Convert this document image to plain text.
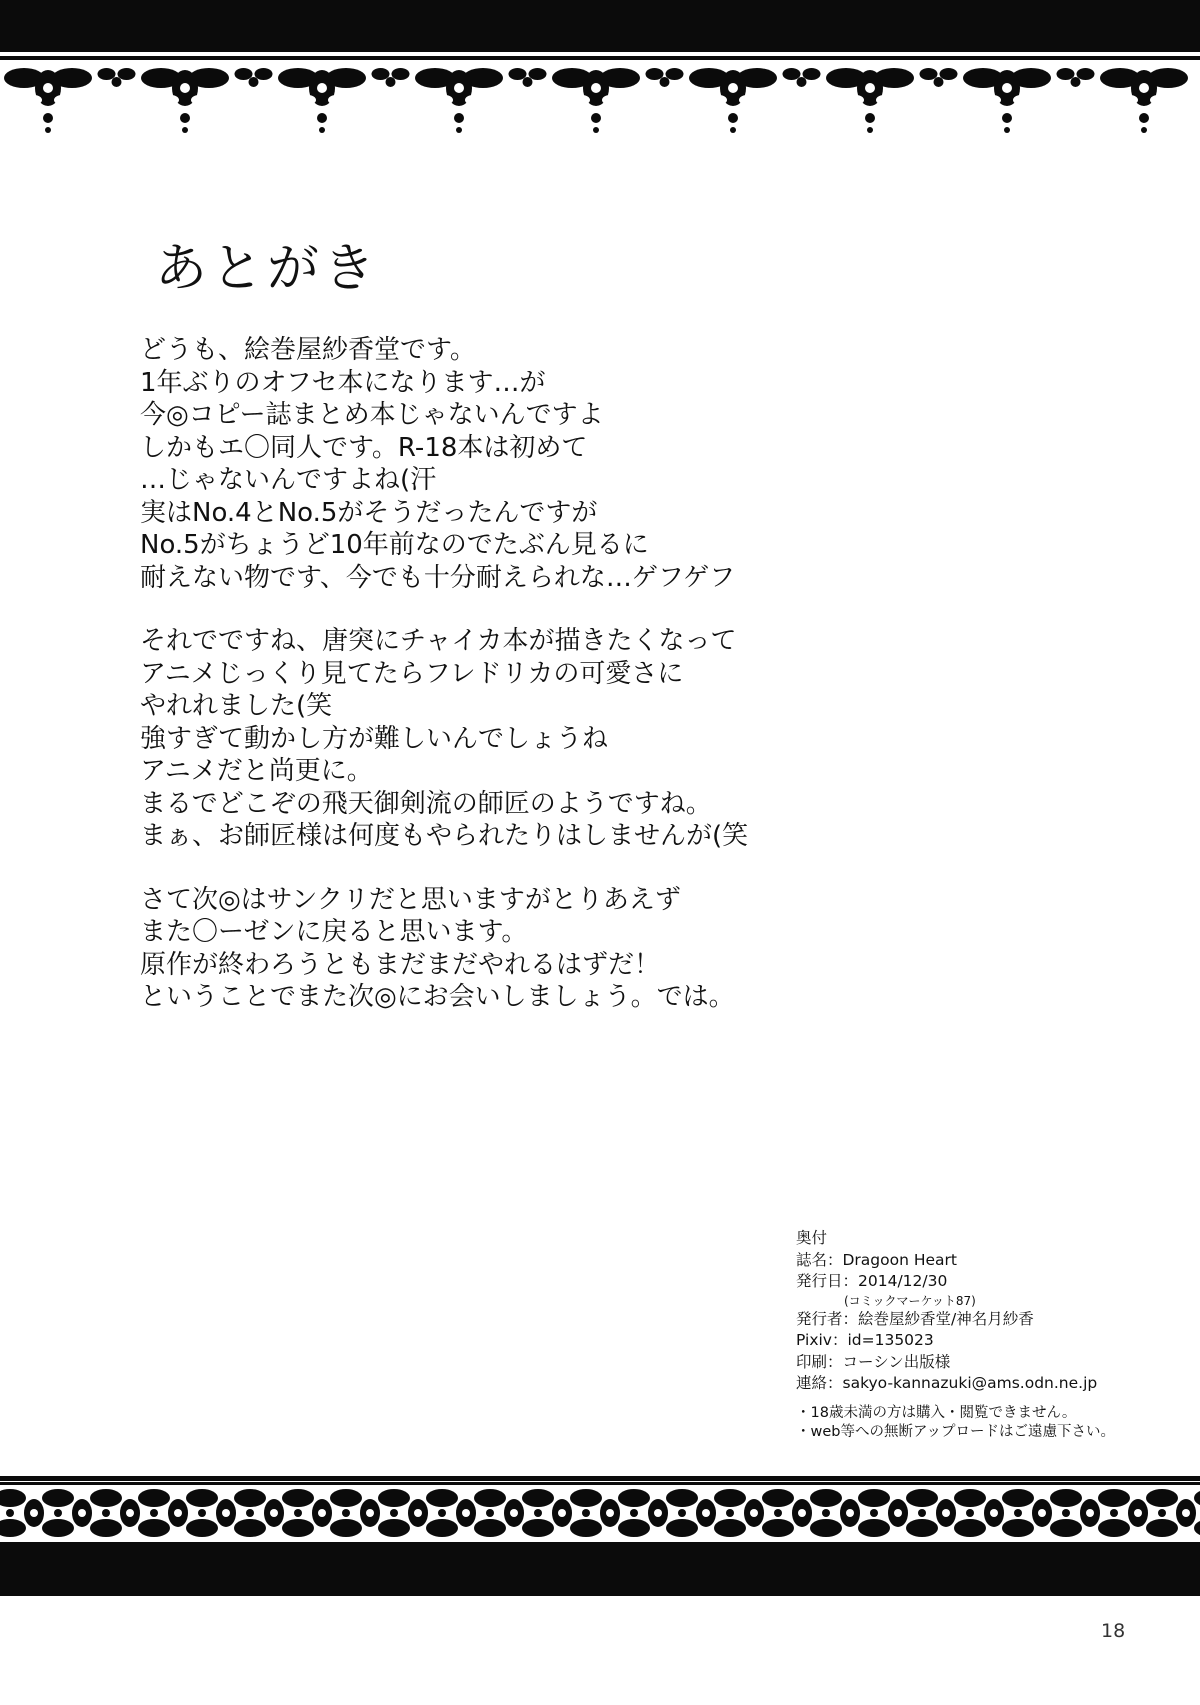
あとがき
どうも、絵巻屋紗香堂です。
1年ぶりのオフセ本になります…が
今◎コピー誌まとめ本じゃないんですよ
しかもエ〇同人です。R-18本は初めて
…じゃないんですよね(汗
実はNo.4とNo.5がそうだったんですが
No.5がちょうど10年前なのでたぶん見るに
耐えない物です、今でも十分耐えられな…ゲフゲフ
それでですね、唐突にチャイカ本が描きたくなって
アニメじっくり見てたらフレドリカの可愛さに
やれれました(笑
強すぎて動かし方が難しいんでしょうね
アニメだと尚更に。
まるでどこぞの飛天御剣流の師匠のようですね。
まぁ、お師匠様は何度もやられたりはしませんが(笑
さて次◎はサンクリだと思いますがとりあえず
また〇ーゼンに戻ると思います。
原作が終わろうともまだまだやれるはずだ！
ということでまた次◎にお会いしましょう。では。
奥付
誌名：Dragoon Heart
発行日：2014/12/30
(コミックマーケット87)
発行者：絵巻屋紗香堂/神名月紗香
Pixiv：id=135023
印刷：コーシン出版様
連絡：sakyo-kannazuki@ams.odn.ne.jp
・18歳未満の方は購入・閲覧できません。
・web等への無断アップロードはご遠慮下さい。
18
